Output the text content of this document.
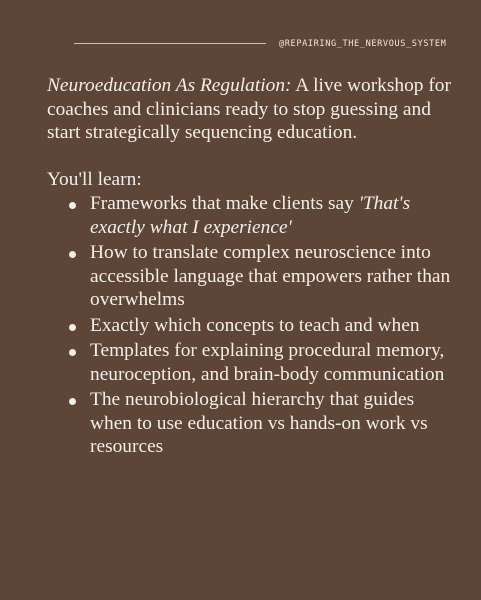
@REPAIRING_THE_NERVOUS_SYSTEM

Neuroeducation As Regulation: A live workshop for coaches and clinicians ready to stop guessing and start strategically sequencing education.

You'll learn:

Frameworks that make clients say 'That's exactly what I experience'
How to translate complex neuroscience into accessible language that empowers rather than overwhelms
Exactly which concepts to teach and when
Templates for explaining procedural memory, neuroception, and brain-body communication
The neurobiological hierarchy that guides when to use education vs hands-on work vs resources
